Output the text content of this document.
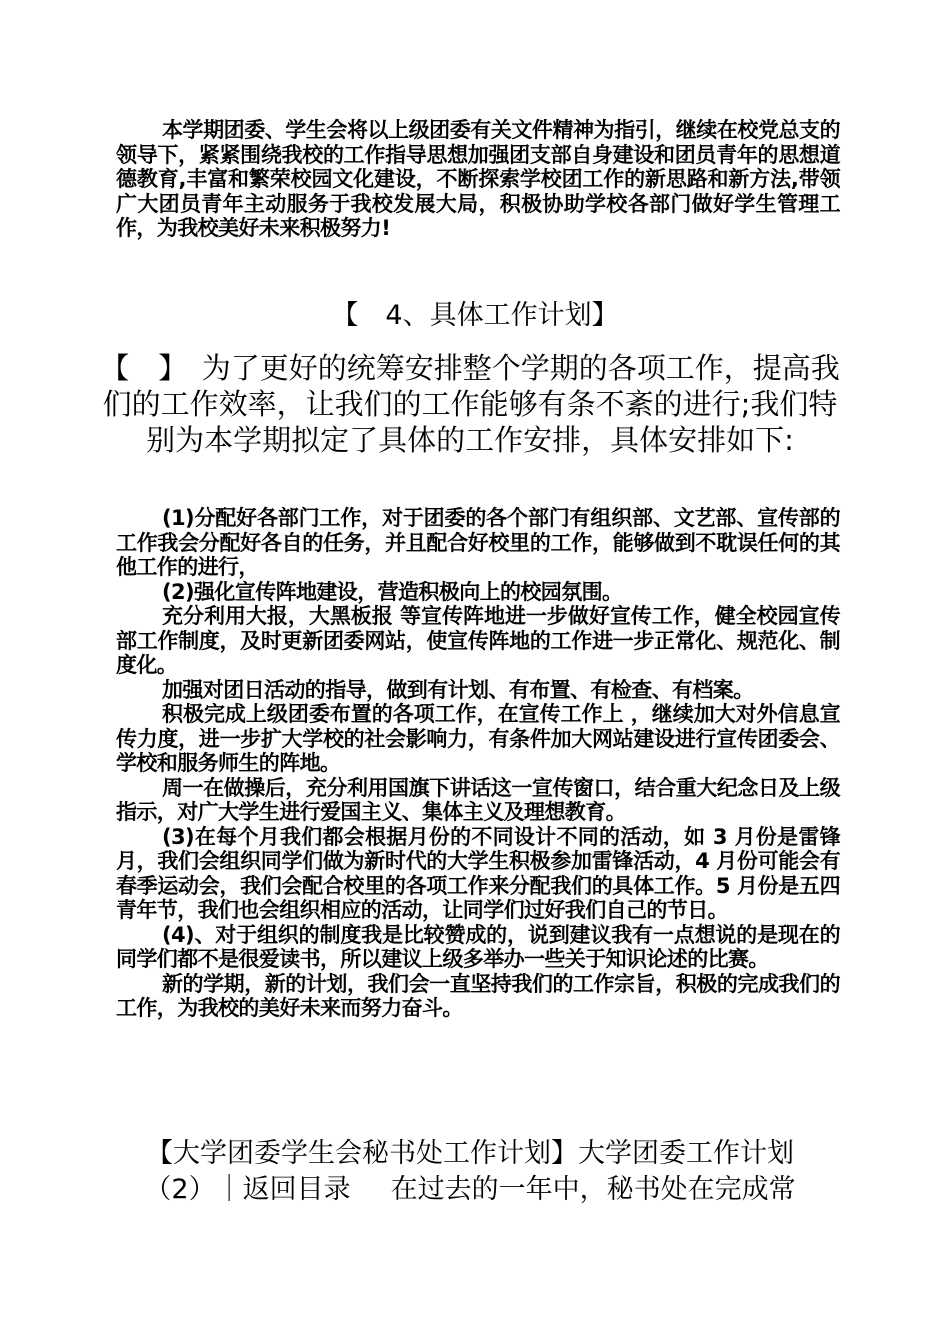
本学期团委、学生会将以上级团委有关文件精神为指引，继续在校党总支的领导下，紧紧围绕我校的工作指导思想加强团支部自身建设和团员青年的思想道德教育,丰富和繁荣校园文化建设，不断探索学校团工作的新思路和新方法,带领广大团员青年主动服务于我校发展大局，积极协助学校各部门做好学生管理工作，为我校美好未来积极努力!

【　4、具体工作计划】
【　】　为了更好的统筹安排整个学期的各项工作，提高我们的工作效率，让我们的工作能够有条不紊的进行;我们特别为本学期拟定了具体的工作安排，具体安排如下:

(1)分配好各部门工作，对于团委的各个部门有组织部、文艺部、宣传部的工作我会分配好各自的任务，并且配合好校里的工作，能够做到不耽误任何的其他工作的进行，

(2)强化宣传阵地建设，营造积极向上的校园氛围。

充分利用大报，大黑板报 等宣传阵地进一步做好宣传工作，健全校园宣传部工作制度，及时更新团委网站，使宣传阵地的工作进一步正常化、规范化、制度化。

加强对团日活动的指导，做到有计划、有布置、有检查、有档案。

积极完成上级团委布置的各项工作，在宣传工作上 ，继续加大对外信息宣传力度，进一步扩大学校的社会影响力，有条件加大网站建设进行宣传团委会、学校和服务师生的阵地。

周一在做操后，充分利用国旗下讲话这一宣传窗口，结合重大纪念日及上级指示，对广大学生进行爱国主义、集体主义及理想教育。

(3)在每个月我们都会根据月份的不同设计不同的活动，如 3 月份是雷锋月，我们会组织同学们做为新时代的大学生积极参加雷锋活动，4 月份可能会有春季运动会，我们会配合校里的各项工作来分配我们的具体工作。5 月份是五四青年节，我们也会组织相应的活动，让同学们过好我们自己的节日。

(4)、对于组织的制度我是比较赞成的，说到建议我有一点想说的是现在的同学们都不是很爱读书，所以建议上级多举办一些关于知识论述的比赛。

新的学期，新的计划，我们会一直坚持我们的工作宗旨，积极的完成我们的工作，为我校的美好未来而努力奋斗。

【大学团委学生会秘书处工作计划】大学团委工作计划
（2）｜返回目录 在过去的一年中，秘书处在完成常
